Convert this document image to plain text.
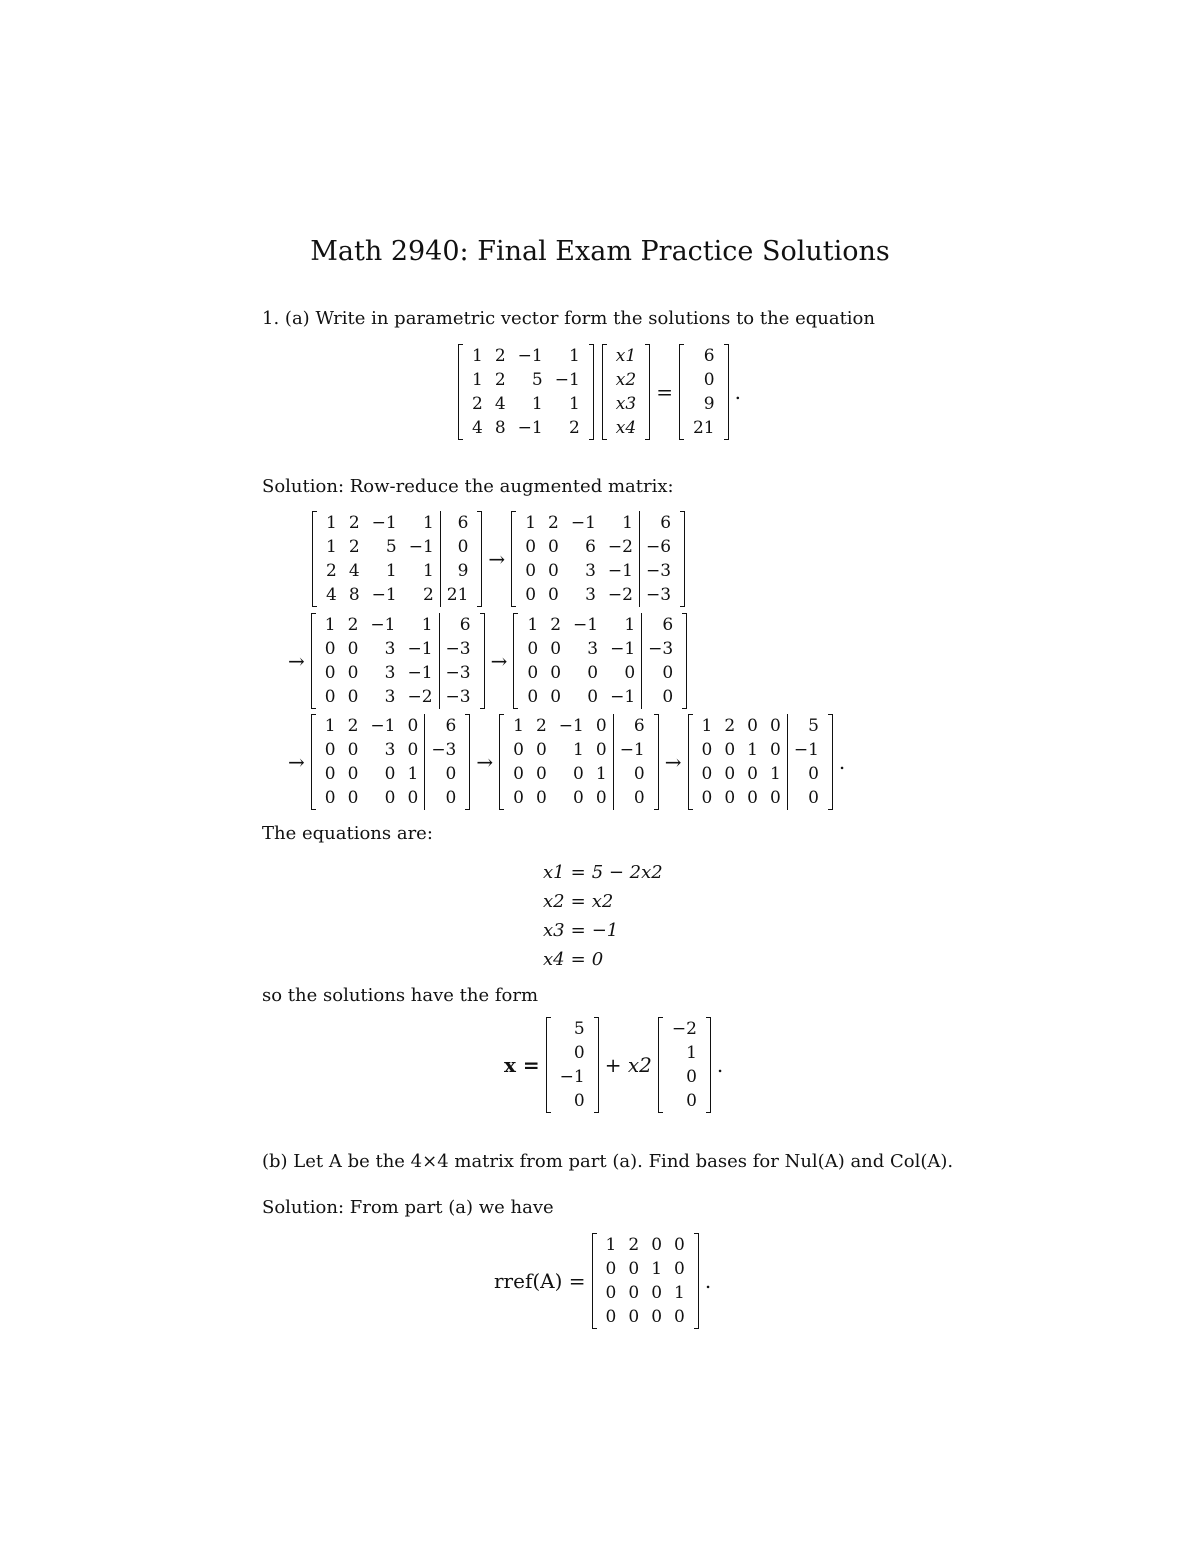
Math 2940: Final Exam Practice Solutions
1. (a) Write in parametric vector form the solutions to the equation
1	2	−1	1
1	2	5	−1
2	4	1	1
4	8	−1	2
x1
x2
x3
x4
=
6
0
9
21
.
Solution: Row-reduce the augmented matrix:
1	2	−1	1	6
1	2	5	−1	0
2	4	1	1	9
4	8	−1	2	21
→
1	2	−1	1	6
0	0	6	−2	−6
0	0	3	−1	−3
0	0	3	−2	−3
→
1	2	−1	1	6
0	0	3	−1	−3
0	0	3	−1	−3
0	0	3	−2	−3
→
1	2	−1	1	6
0	0	3	−1	−3
0	0	0	0	0
0	0	0	−1	0
→
1	2	−1	0	6
0	0	3	0	−3
0	0	0	1	0
0	0	0	0	0
→
1	2	−1	0	6
0	0	1	0	−1
0	0	0	1	0
0	0	0	0	0
→
1	2	0	0	5
0	0	1	0	−1
0	0	0	1	0
0	0	0	0	0
.
The equations are:
x1	=	5 − 2x2
x2	=	x2
x3	=	−1
x4	=	0
so the solutions have the form
x =
5
0
−1
0
+ x2
−2
1
0
0
.
(b) Let A be the 4×4 matrix from part (a). Find bases for Nul(A) and Col(A).
Solution: From part (a) we have
rref(A) =
1	2	0	0
0	0	1	0
0	0	0	1
0	0	0	0
.
